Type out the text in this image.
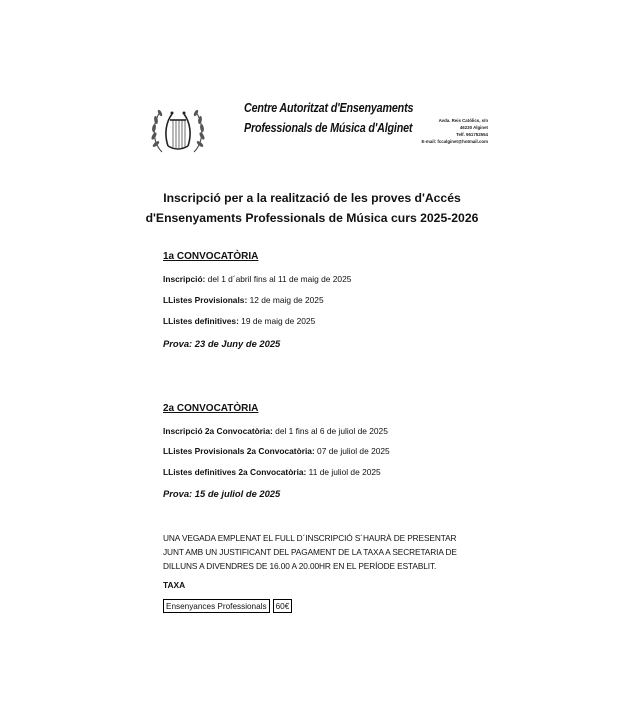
Centre Autoritzat d'Ensenyaments
Professionals de Música d'Alginet
Avda. Reis Católics, s/n
46230 Alginet
Telf. 961752554
E-mail: fccalginet@hotmail.com
Inscripció per a la realització de les proves d'Accés
d'Ensenyaments Professionals de Música curs 2025-2026
1a CONVOCATÒRIA
Inscripció: del 1 d´abril fins al 11 de maig de 2025
LListes Provisionals: 12 de maig de 2025
LListes definitives: 19 de maig de 2025
Prova: 23 de Juny de 2025
2a CONVOCATÒRIA
Inscripció 2a Convocatòria: del 1 fins al 6 de juliol de 2025
LListes Provisionals 2a Convocatòria: 07 de juliol de 2025
LListes definitives 2a Convocatòria: 11 de juliol de 2025
Prova: 15 de juliol de 2025
UNA VEGADA EMPLENAT EL FULL D´INSCRIPCIÓ S´HAURÀ DE PRESENTAR
JUNT AMB UN JUSTIFICANT DEL PAGAMENT DE LA TAXA A SECRETARIA DE
DILLUNS A DIVENDRES DE 16.00 A 20.00HR EN EL PERÍODE ESTABLIT.
TAXA
Ensenyances Professionals		60€
